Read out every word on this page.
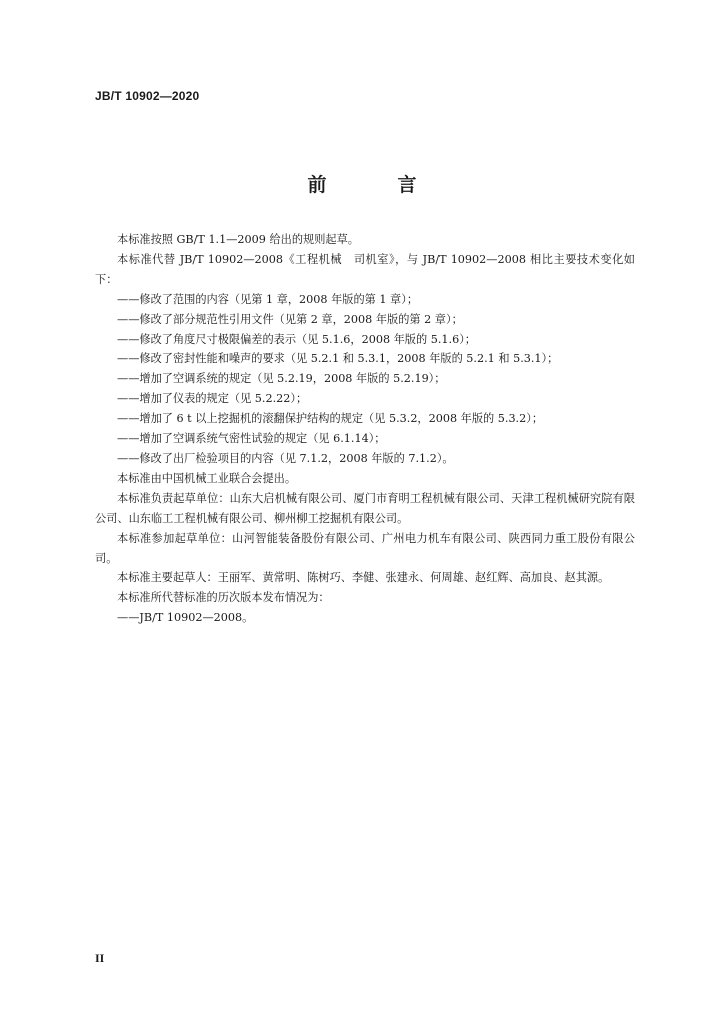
JB/T 10902—2020
前　言

本标准按照 GB/T 1.1—2009 给出的规则起草。

本标准代替 JB/T 10902—2008《工程机械　司机室》，与 JB/T 10902—2008 相比主要技术变化如下：

——修改了范围的内容（见第 1 章，2008 年版的第 1 章）；

——修改了部分规范性引用文件（见第 2 章，2008 年版的第 2 章）；

——修改了角度尺寸极限偏差的表示（见 5.1.6，2008 年版的 5.1.6）；

——修改了密封性能和噪声的要求（见 5.2.1 和 5.3.1，2008 年版的 5.2.1 和 5.3.1）；

——增加了空调系统的规定（见 5.2.19，2008 年版的 5.2.19）；

——增加了仪表的规定（见 5.2.22）；

——增加了 6 t 以上挖掘机的滚翻保护结构的规定（见 5.3.2，2008 年版的 5.3.2）；

——增加了空调系统气密性试验的规定（见 6.1.14）；

——修改了出厂检验项目的内容（见 7.1.2，2008 年版的 7.1.2）。

本标准由中国机械工业联合会提出。

本标准负责起草单位：山东大启机械有限公司、厦门市育明工程机械有限公司、天津工程机械研究院有限公司、山东临工工程机械有限公司、柳州柳工挖掘机有限公司。

本标准参加起草单位：山河智能装备股份有限公司、广州电力机车有限公司、陕西同力重工股份有限公司。

本标准主要起草人：王丽军、黄常明、陈树巧、李健、张建永、何周雄、赵红辉、高加良、赵其源。

本标准所代替标准的历次版本发布情况为：

——JB/T 10902—2008。

II
